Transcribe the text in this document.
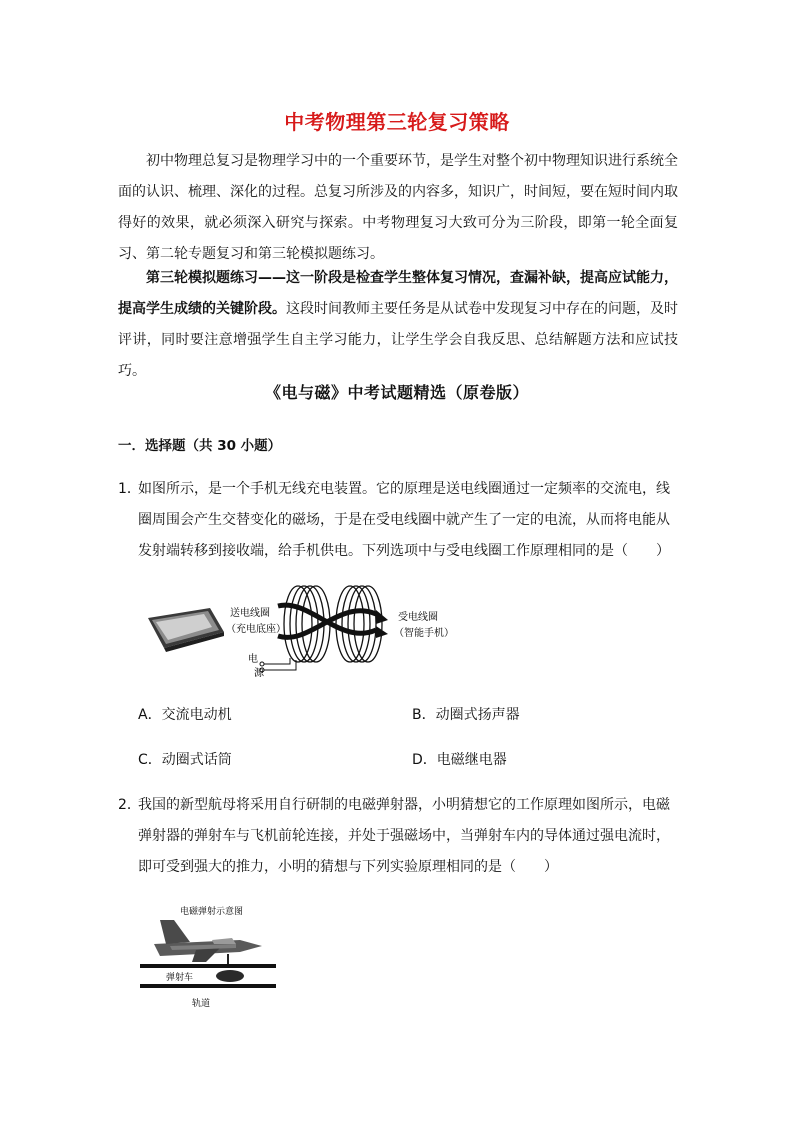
中考物理第三轮复习策略

初中物理总复习是物理学习中的一个重要环节，是学生对整个初中物理知识进行系统全面的认识、梳理、深化的过程。总复习所涉及的内容多，知识广，时间短，要在短时间内取得好的效果，就必须深入研究与探索。中考物理复习大致可分为三阶段，即第一轮全面复习、第二轮专题复习和第三轮模拟题练习。

第三轮模拟题练习——这一阶段是检查学生整体复习情况，查漏补缺，提高应试能力，提高学生成绩的关键阶段。这段时间教师主要任务是从试卷中发现复习中存在的问题，及时评讲，同时要注意增强学生自主学习能力，让学生学会自我反思、总结解题方法和应试技巧。

《电与磁》中考试题精选（原卷版）
一．选择题（共 30 小题）
1．
如图所示，是一个手机无线充电装置。它的原理是送电线圈通过一定频率的交流电，线圈周围会产生交替变化的磁场，于是在受电线圈中就产生了一定的电流，从而将电能从发射端转移到接收端，给手机供电。下列选项中与受电线圈工作原理相同的是（　　）
送电线圈
（充电底座）
受电线圈
（智能手机）
电
源
A．交流电动机	B．动圈式扬声器
C．动圈式话筒	D．电磁继电器
2．
我国的新型航母将采用自行研制的电磁弹射器，小明猜想它的工作原理如图所示，电磁弹射器的弹射车与飞机前轮连接，并处于强磁场中，当弹射车内的导体通过强电流时，即可受到强大的推力，小明的猜想与下列实验原理相同的是（　　）
电磁弹射示意图
弹射车
轨道
